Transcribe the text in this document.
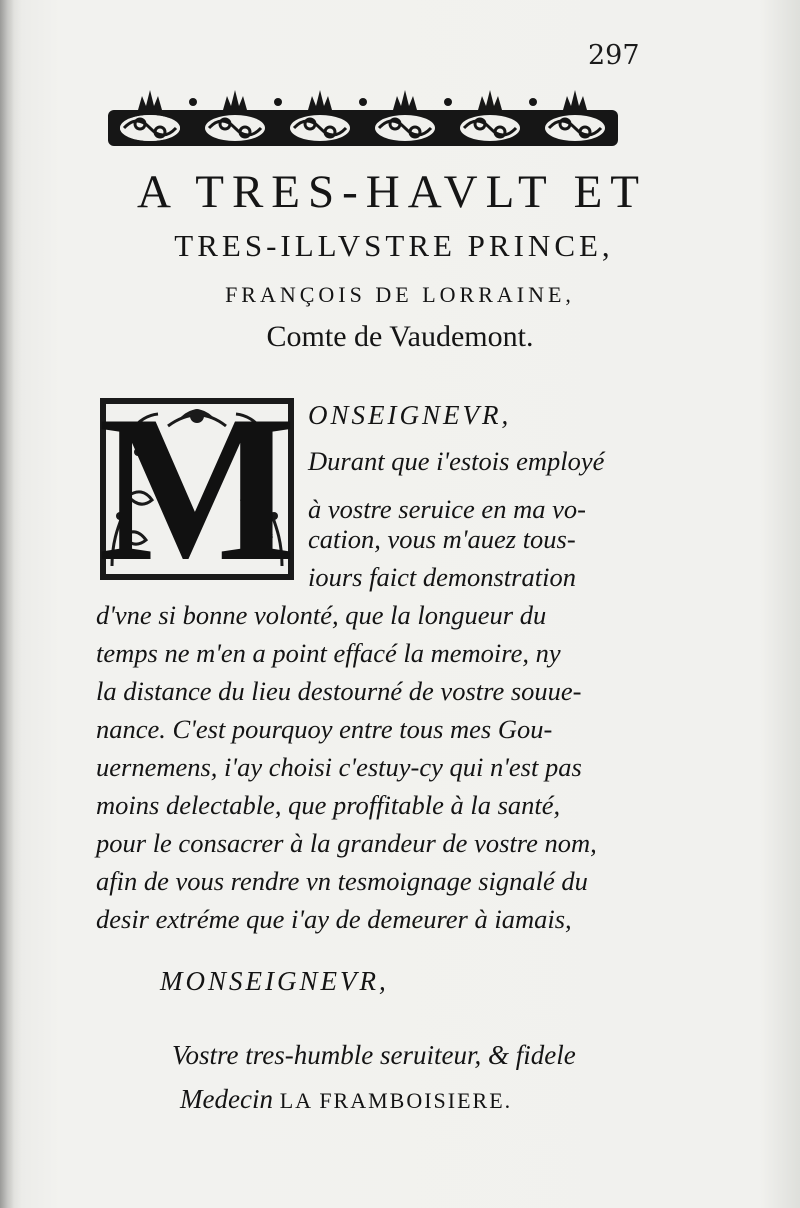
297
A TRES-HAVLT ET
TRES-ILLVSTRE PRINCE,
FRANÇOIS DE LORRAINE,
Comte de Vaudemont.
M ONSEIGNEVR,
Durant que i'estois employé
à vostre seruice en ma vo-
cation, vous m'auez tous-
iours faict demonstration
d'vne si bonne volonté, que la longueur du
temps ne m'en a point effacé la memoire, ny
la distance du lieu destourné de vostre souue-
nance. C'est pourquoy entre tous mes Gou-
uernemens, i'ay choisi c'estuy-cy qui n'est pas
moins delectable, que proffitable à la santé,
pour le consacrer à la grandeur de vostre nom,
afin de vous rendre vn tesmoignage signalé du
desir extréme que i'ay de demeurer à iamais,
MONSEIGNEVR,
Vostre tres-humble seruiteur, & fidele
Medecin LA FRAMBOISIERE.
